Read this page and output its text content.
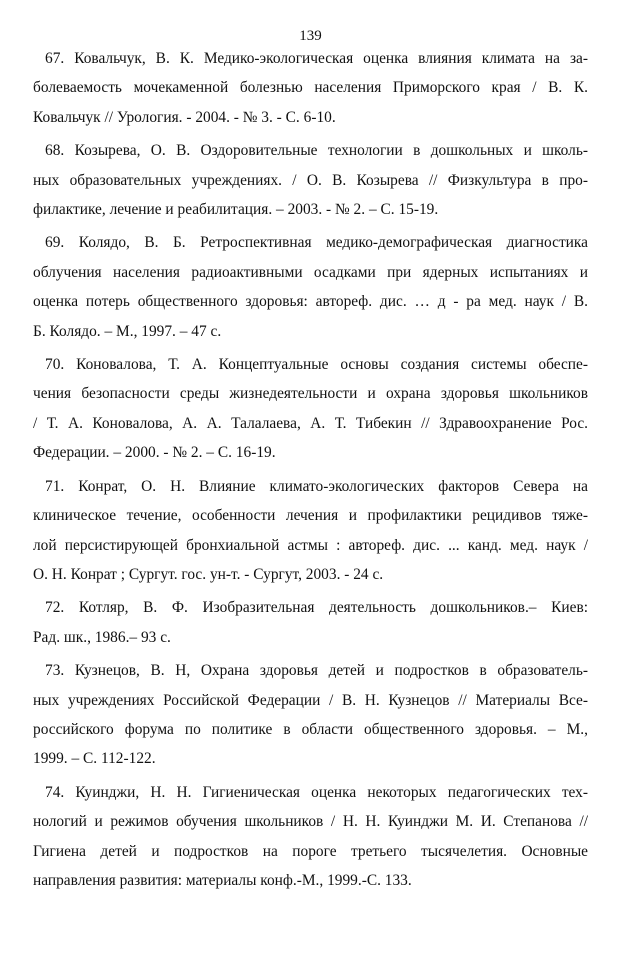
139
67. Ковальчук, В. К. Медико-экологическая оценка влияния климата на за-
болеваемость мочекаменной болезнью населения Приморского края / В. К.
Ковальчук // Урология. - 2004. - № 3. - С. 6-10.
68. Козырева, О. В. Оздоровительные технологии в дошкольных и школь-
ных образовательных учреждениях. / О. В. Козырева // Физкультура в про-
филактике, лечение и реабилитация. – 2003. - № 2. – С. 15-19.
69. Колядо, В. Б. Ретроспективная медико-демографическая диагностика
облучения населения радиоактивными осадками при ядерных испытаниях и
оценка потерь общественного здоровья: автореф. дис. … д - ра мед. наук / В.
Б. Колядо. – М., 1997. – 47 с.
70. Коновалова, Т. А. Концептуальные основы создания системы обеспе-
чения безопасности среды жизнедеятельности и охрана здоровья школьников
/ Т. А. Коновалова, А. А. Талалаева, А. Т. Тибекин // Здравоохранение Рос.
Федерации. – 2000. - № 2. – С. 16-19.
71. Конрат, О. Н. Влияние климато-экологических факторов Севера на
клиническое течение, особенности лечения и профилактики рецидивов тяже-
лой персистирующей бронхиальной астмы : автореф. дис. ... канд. мед. наук /
О. Н. Конрат ; Сургут. гос. ун-т. - Сургут, 2003. - 24 с.
72. Котляр, В. Ф. Изобразительная деятельность дошкольников.– Киев:
Рад. шк., 1986.– 93 с.
73. Кузнецов, В. Н, Охрана здоровья детей и подростков в образователь-
ных учреждениях Российской Федерации / В. Н. Кузнецов // Материалы Все-
российского форума по политике в области общественного здоровья. – М.,
1999. – С. 112-122.
74. Куинджи, Н. Н. Гигиеническая оценка некоторых педагогических тех-
нологий и режимов обучения школьников / Н. Н. Куинджи М. И. Степанова //
Гигиена детей и подростков на пороге третьего тысячелетия. Основные
направления развития: материалы конф.-М., 1999.-С. 133.
